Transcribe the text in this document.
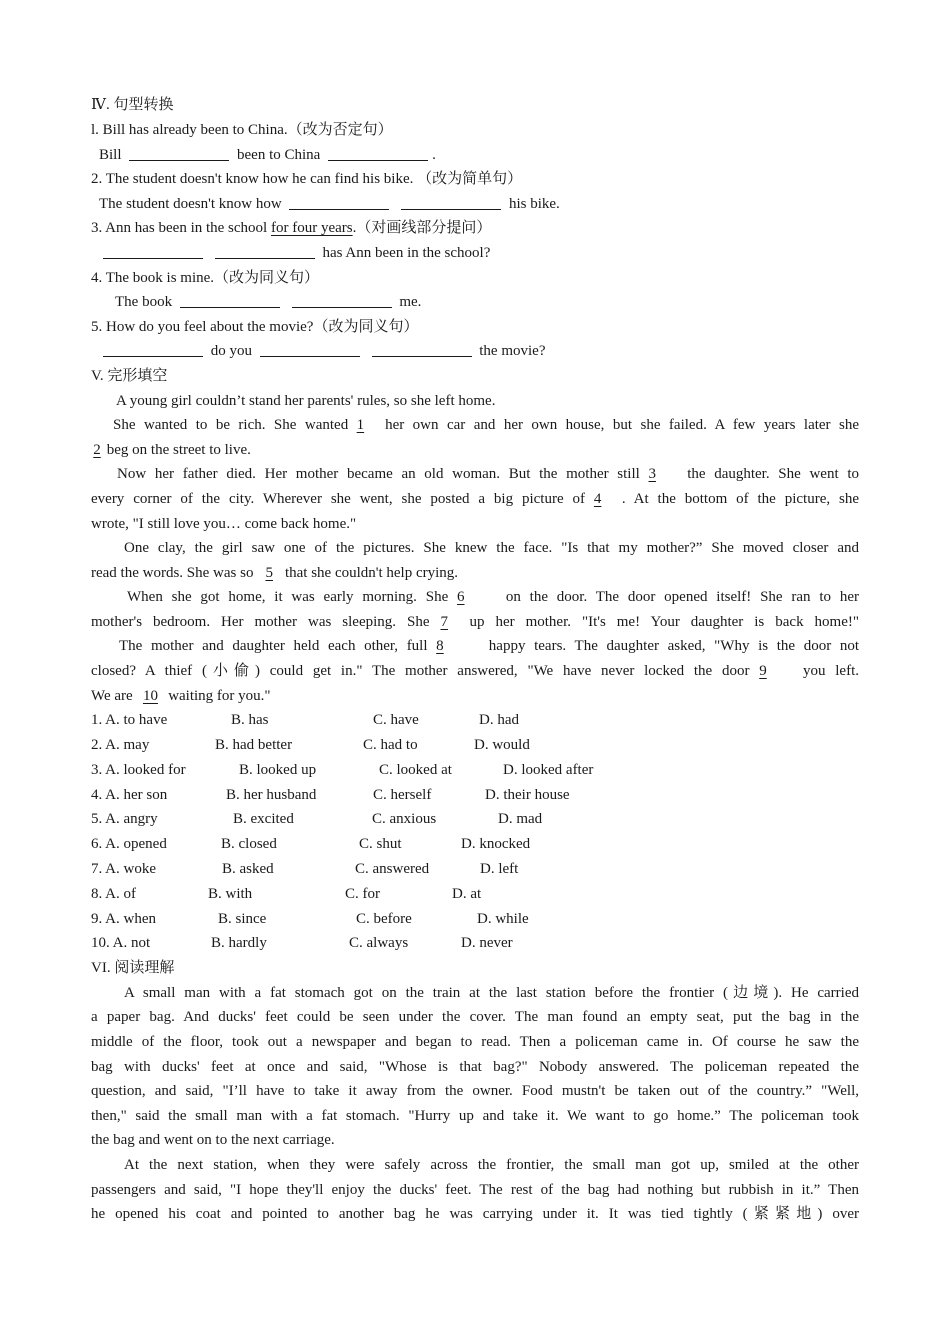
Ⅳ. 句型转换
l. Bill has already been to China.（改为否定句）
Bill	been to China	.
2. The student doesn't know how he can find his bike. （改为简单句）
The student doesn't know how	his bike.
3. Ann has been in the school for four years.（对画线部分提问）
has Ann been in the school?
4. The book is mine.（改为同义句）
The book	me.
5. How do you feel about the movie?（改为同义句）
do you	the movie?
V. 完形填空
A young girl couldn’t stand her parents' rules, so she left home.
She wanted to be rich. She wanted 1 her own car and her own house, but she failed. A few years later she
2 beg on the street to live.
Now her father died. Her mother became an old woman. But the mother still 3 the daughter. She went to
every corner of the city. Wherever she went, she posted a big picture of 4 . At the bottom of the picture, she
wrote, "I still love you… come back home."
One clay, the girl saw one of the pictures. She knew the face. "Is that my mother?” She moved closer and
read the words. She was so 5 that she couldn't help crying.
When she got home, it was early morning. She 6 on the door. The door opened itself! She ran to her
mother's bedroom. Her mother was sleeping. She 7 up her mother. "It's me! Your daughter is back home!"
The mother and daughter held each other, full 8 happy tears. The daughter asked, "Why is the door not
closed? A thief (小偷) could get in." The mother answered, "We have never locked the door 9 you left.
We are 10 waiting for you."
1. A. to have	B. has	C. have	D. had
2. A. may	B. had better	C. had to	D. would
3. A. looked for	B. looked up	C. looked at	D. looked after
4. A. her son	B. her husband	C. herself	D. their house
5. A. angry	B. excited	C. anxious	D. mad
6. A. opened	B. closed	C. shut	D. knocked
7. A. woke	B. asked	C. answered	D. left
8. A. of	B. with	C. for	D. at
9. A. when	B. since	C. before	D. while
10. A. not	B. hardly	C. always	D. never
VI. 阅读理解
A small man with a fat stomach got on the train at the last station before the frontier (边境). He carried
a paper bag. And ducks' feet could be seen under the cover. The man found an empty seat, put the bag in the
middle of the floor, took out a newspaper and began to read. Then a policeman came in. Of course he saw the
bag with ducks' feet at once and said, "Whose is that bag?" Nobody answered. The policeman repeated the
question, and said, "I’ll have to take it away from the owner. Food mustn't be taken out of the country.” "Well,
then," said the small man with a fat stomach. "Hurry up and take it. We want to go home.” The policeman took
the bag and went on to the next carriage.
At the next station, when they were safely across the frontier, the small man got up, smiled at the other
passengers and said, "I hope they'll enjoy the ducks' feet. The rest of the bag had nothing but rubbish in it.” Then
he opened his coat and pointed to another bag he was carrying under it. It was tied tightly (紧紧地) over
